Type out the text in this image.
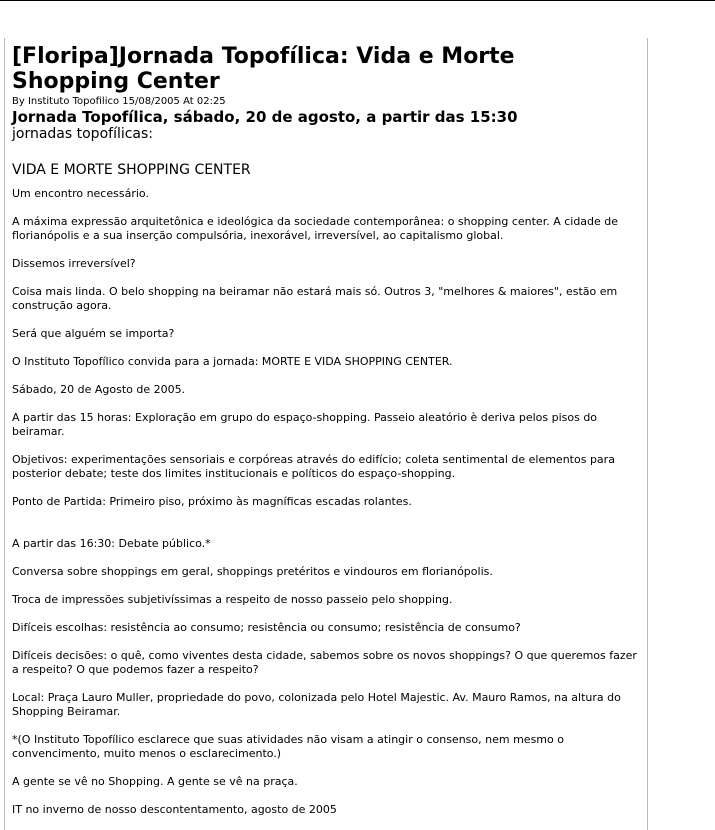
[Floripa]Jornada Topofílica: Vida e Morte Shopping Center
By Instituto Topofilico 15/08/2005 At 02:25
Jornada Topofílica, sábado, 20 de agosto, a partir das 15:30
jornadas topofílicas:
VIDA E MORTE SHOPPING CENTER

Um encontro necessário.

A máxima expressão arquitetônica e ideológica da sociedade contemporânea: o shopping center. A cidade de florianópolis e a sua inserção compulsória, inexorável, irreversível, ao capitalismo global.

Dissemos irreversível?

Coisa mais linda. O belo shopping na beiramar não estará mais só. Outros 3, "melhores & maiores", estão em construção agora.

Será que alguém se importa?

O Instituto Topofílico convida para a jornada: MORTE E VIDA SHOPPING CENTER.

Sábado, 20 de Agosto de 2005.

A partir das 15 horas: Exploração em grupo do espaço-shopping. Passeio aleatório è deriva pelos pisos do beiramar.

Objetivos: experimentações sensoriais e corpóreas através do edifício; coleta sentimental de elementos para posterior debate; teste dos limites institucionais e políticos do espaço-shopping.

Ponto de Partida: Primeiro piso, próximo às magníficas escadas rolantes.

A partir das 16:30: Debate público.*

Conversa sobre shoppings em geral, shoppings pretéritos e vindouros em florianópolis.

Troca de impressões subjetivíssimas a respeito de nosso passeio pelo shopping.

Difíceis escolhas: resistência ao consumo; resistência ou consumo; resistência de consumo?

Difíceis decisões: o quê, como viventes desta cidade, sabemos sobre os novos shoppings? O que queremos fazer a respeito? O que podemos fazer a respeito?

Local: Praça Lauro Muller, propriedade do povo, colonizada pelo Hotel Majestic. Av. Mauro Ramos, na altura do Shopping Beiramar.

*(O Instituto Topofílico esclarece que suas atividades não visam a atingir o consenso, nem mesmo o convencimento, muito menos o esclarecimento.)

A gente se vê no Shopping. A gente se vê na praça.

IT no inverno de nosso descontentamento, agosto de 2005
